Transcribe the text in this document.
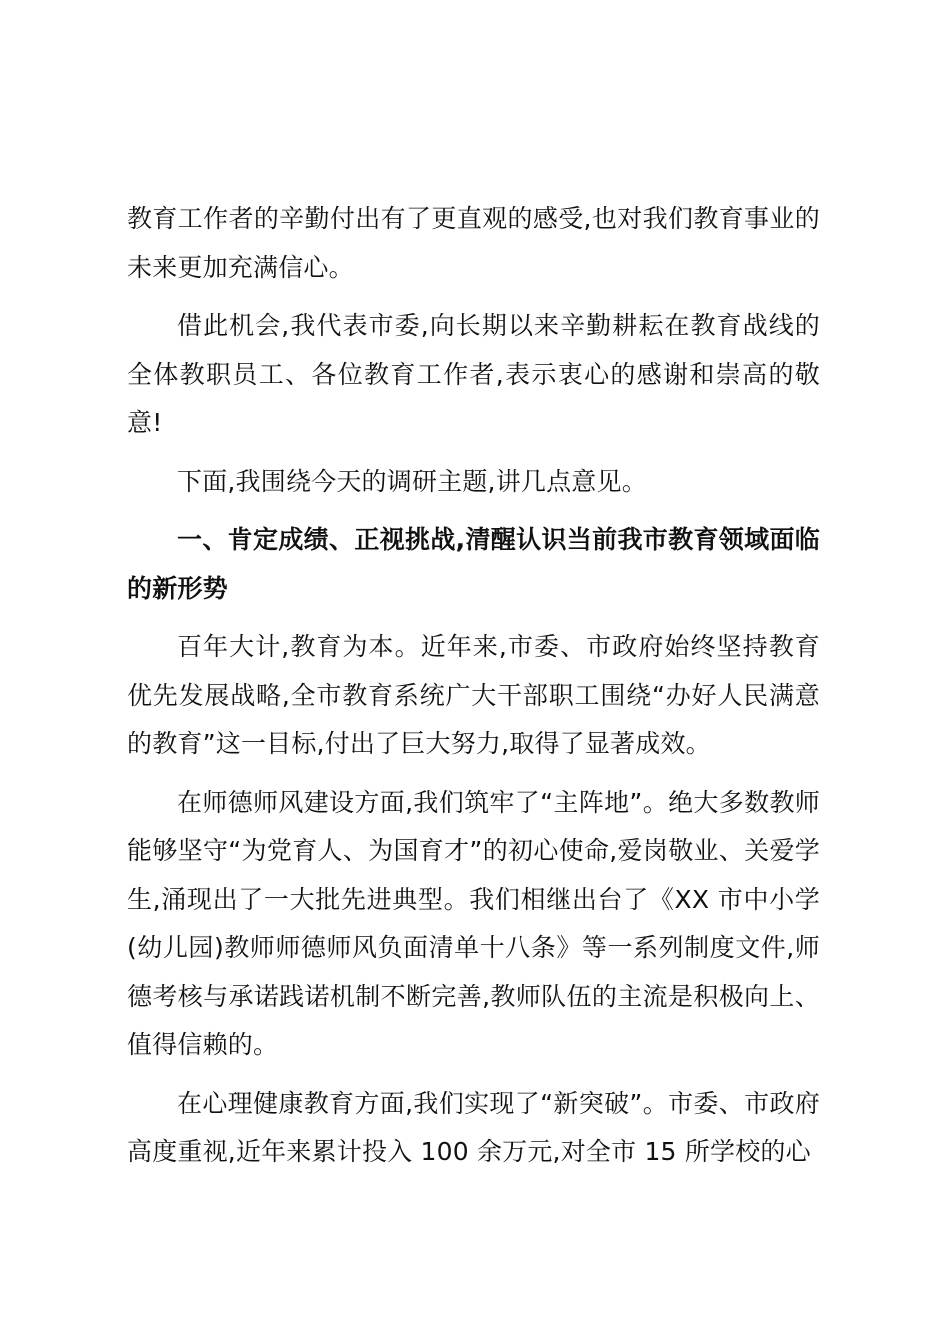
教育工作者的辛勤付出有了更直观的感受,也对我们教育事业的未来更加充满信心。

借此机会,我代表市委,向长期以来辛勤耕耘在教育战线的全体教职员工、各位教育工作者,表示衷心的感谢和崇高的敬意!

下面,我围绕今天的调研主题,讲几点意见。

一、肯定成绩、正视挑战,清醒认识当前我市教育领域面临的新形势

百年大计,教育为本。近年来,市委、市政府始终坚持教育优先发展战略,全市教育系统广大干部职工围绕“办好人民满意的教育”这一目标,付出了巨大努力,取得了显著成效。

在师德师风建设方面,我们筑牢了“主阵地”。绝大多数教师能够坚守“为党育人、为国育才”的初心使命,爱岗敬业、关爱学生,涌现出了一大批先进典型。我们相继出台了《XX 市中小学(幼儿园)教师师德师风负面清单十八条》等一系列制度文件,师德考核与承诺践诺机制不断完善,教师队伍的主流是积极向上、值得信赖的。

在心理健康教育方面,我们实现了“新突破”。市委、市政府高度重视,近年来累计投入 100 余万元,对全市 15 所学校的心
